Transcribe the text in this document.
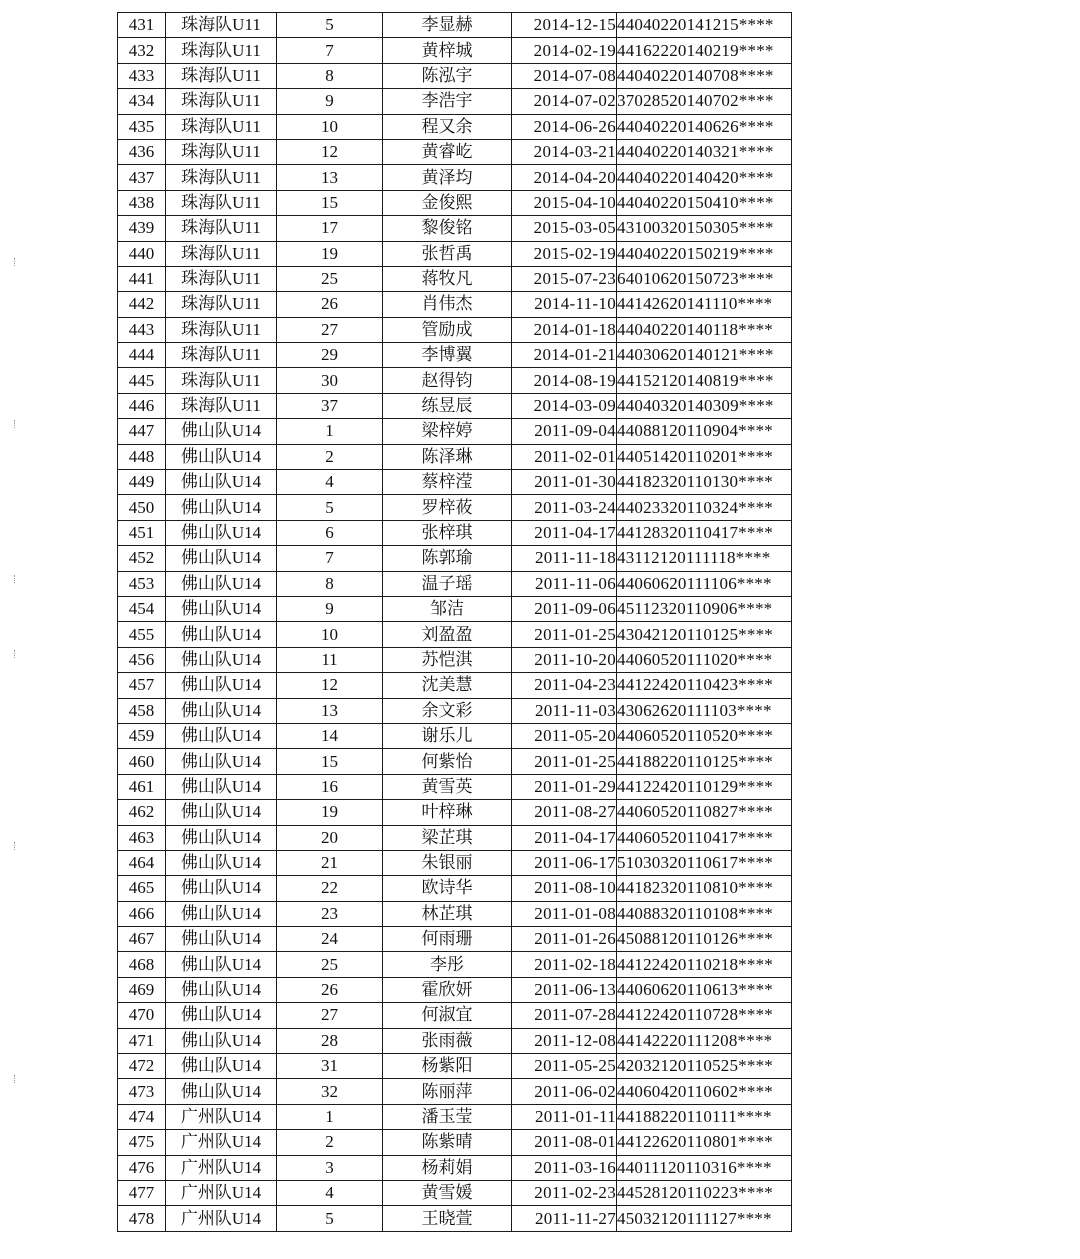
431	珠海队U11	5	李显赫	2014-12-15	44040220141215****
432	珠海队U11	7	黄梓城	2014-02-19	44162220140219****
433	珠海队U11	8	陈泓宇	2014-07-08	44040220140708****
434	珠海队U11	9	李浩宇	2014-07-02	37028520140702****
435	珠海队U11	10	程又余	2014-06-26	44040220140626****
436	珠海队U11	12	黄睿屹	2014-03-21	44040220140321****
437	珠海队U11	13	黄泽均	2014-04-20	44040220140420****
438	珠海队U11	15	金俊熙	2015-04-10	44040220150410****
439	珠海队U11	17	黎俊铭	2015-03-05	43100320150305****
440	珠海队U11	19	张哲禹	2015-02-19	44040220150219****
441	珠海队U11	25	蒋牧凡	2015-07-23	64010620150723****
442	珠海队U11	26	肖伟杰	2014-11-10	44142620141110****
443	珠海队U11	27	管励成	2014-01-18	44040220140118****
444	珠海队U11	29	李博翼	2014-01-21	44030620140121****
445	珠海队U11	30	赵得钧	2014-08-19	44152120140819****
446	珠海队U11	37	练昱辰	2014-03-09	44040320140309****
447	佛山队U14	1	梁梓婷	2011-09-04	44088120110904****
448	佛山队U14	2	陈泽琳	2011-02-01	44051420110201****
449	佛山队U14	4	蔡梓滢	2011-01-30	44182320110130****
450	佛山队U14	5	罗梓莜	2011-03-24	44023320110324****
451	佛山队U14	6	张梓琪	2011-04-17	44128320110417****
452	佛山队U14	7	陈郭瑜	2011-11-18	43112120111118****
453	佛山队U14	8	温子瑶	2011-11-06	44060620111106****
454	佛山队U14	9	邹洁	2011-09-06	45112320110906****
455	佛山队U14	10	刘盈盈	2011-01-25	43042120110125****
456	佛山队U14	11	苏恺淇	2011-10-20	44060520111020****
457	佛山队U14	12	沈美慧	2011-04-23	44122420110423****
458	佛山队U14	13	余文彩	2011-11-03	43062620111103****
459	佛山队U14	14	谢乐儿	2011-05-20	44060520110520****
460	佛山队U14	15	何紫怡	2011-01-25	44188220110125****
461	佛山队U14	16	黄雪英	2011-01-29	44122420110129****
462	佛山队U14	19	叶梓琳	2011-08-27	44060520110827****
463	佛山队U14	20	梁芷琪	2011-04-17	44060520110417****
464	佛山队U14	21	朱银丽	2011-06-17	51030320110617****
465	佛山队U14	22	欧诗华	2011-08-10	44182320110810****
466	佛山队U14	23	林芷琪	2011-01-08	44088320110108****
467	佛山队U14	24	何雨珊	2011-01-26	45088120110126****
468	佛山队U14	25	李彤	2011-02-18	44122420110218****
469	佛山队U14	26	霍欣妍	2011-06-13	44060620110613****
470	佛山队U14	27	何淑宜	2011-07-28	44122420110728****
471	佛山队U14	28	张雨薇	2011-12-08	44142220111208****
472	佛山队U14	31	杨紫阳	2011-05-25	42032120110525****
473	佛山队U14	32	陈丽萍	2011-06-02	44060420110602****
474	广州队U14	1	潘玉莹	2011-01-11	44188220110111****
475	广州队U14	2	陈紫晴	2011-08-01	44122620110801****
476	广州队U14	3	杨莉娟	2011-03-16	44011120110316****
477	广州队U14	4	黄雪媛	2011-02-23	44528120110223****
478	广州队U14	5	王晓萱	2011-11-27	45032120111127****
